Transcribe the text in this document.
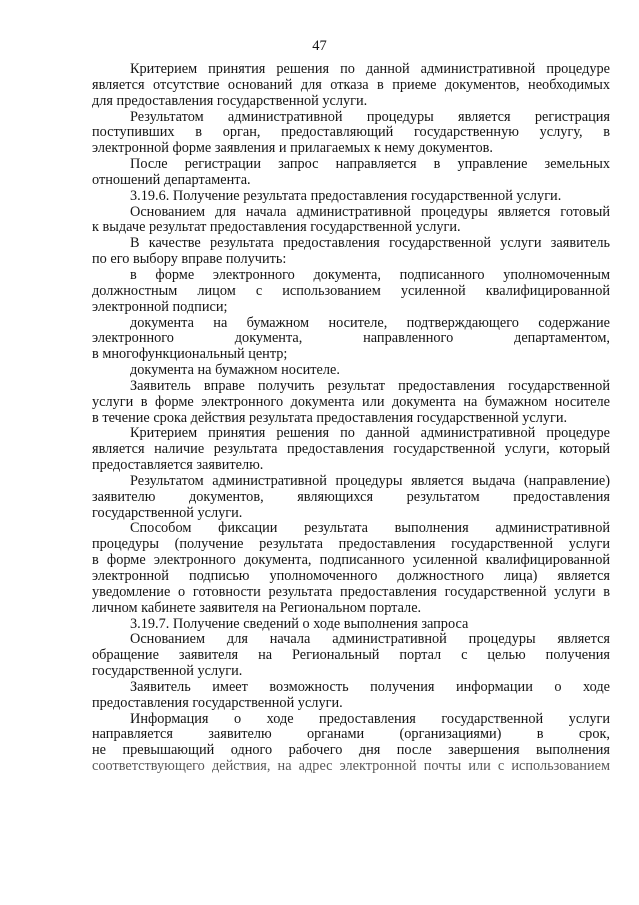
47
Критерием принятия решения по данной административной процедуре
является отсутствие оснований для отказа в приеме документов, необходимых
для предоставления государственной услуги.
Результатом административной процедуры является регистрация
поступивших в орган, предоставляющий государственную услугу, в
электронной форме заявления и прилагаемых к нему документов.
После регистрации запрос направляется в управление земельных
отношений департамента.
3.19.6. Получение результата предоставления государственной услуги.
Основанием для начала административной процедуры является готовый
к выдаче результат предоставления государственной услуги.
В качестве результата предоставления государственной услуги заявитель
по его выбору вправе получить:
в форме электронного документа, подписанного уполномоченным
должностным лицом с использованием усиленной квалифицированной
электронной подписи;
документа на бумажном носителе, подтверждающего содержание
электронного документа, направленного департаментом,
в многофункциональный центр;
документа на бумажном носителе.
Заявитель вправе получить результат предоставления государственной
услуги в форме электронного документа или документа на бумажном носителе
в течение срока действия результата предоставления государственной услуги.
Критерием принятия решения по данной административной процедуре
является наличие результата предоставления государственной услуги, который
предоставляется заявителю.
Результатом административной процедуры является выдача (направление)
заявителю документов, являющихся результатом предоставления
государственной услуги.
Способом фиксации результата выполнения административной
процедуры (получение результата предоставления государственной услуги
в форме электронного документа, подписанного усиленной квалифицированной
электронной подписью уполномоченного должностного лица) является
уведомление о готовности результата предоставления государственной услуги в
личном кабинете заявителя на Региональном портале.
3.19.7. Получение сведений о ходе выполнения запроса
Основанием для начала административной процедуры является
обращение заявителя на Региональный портал с целью получения
государственной услуги.
Заявитель имеет возможность получения информации о ходе
предоставления государственной услуги.
Информация о ходе предоставления государственной услуги
направляется заявителю органами (организациями) в срок,
не превышающий одного рабочего дня после завершения выполнения
соответствующего действия, на адрес электронной почты или с использованием
